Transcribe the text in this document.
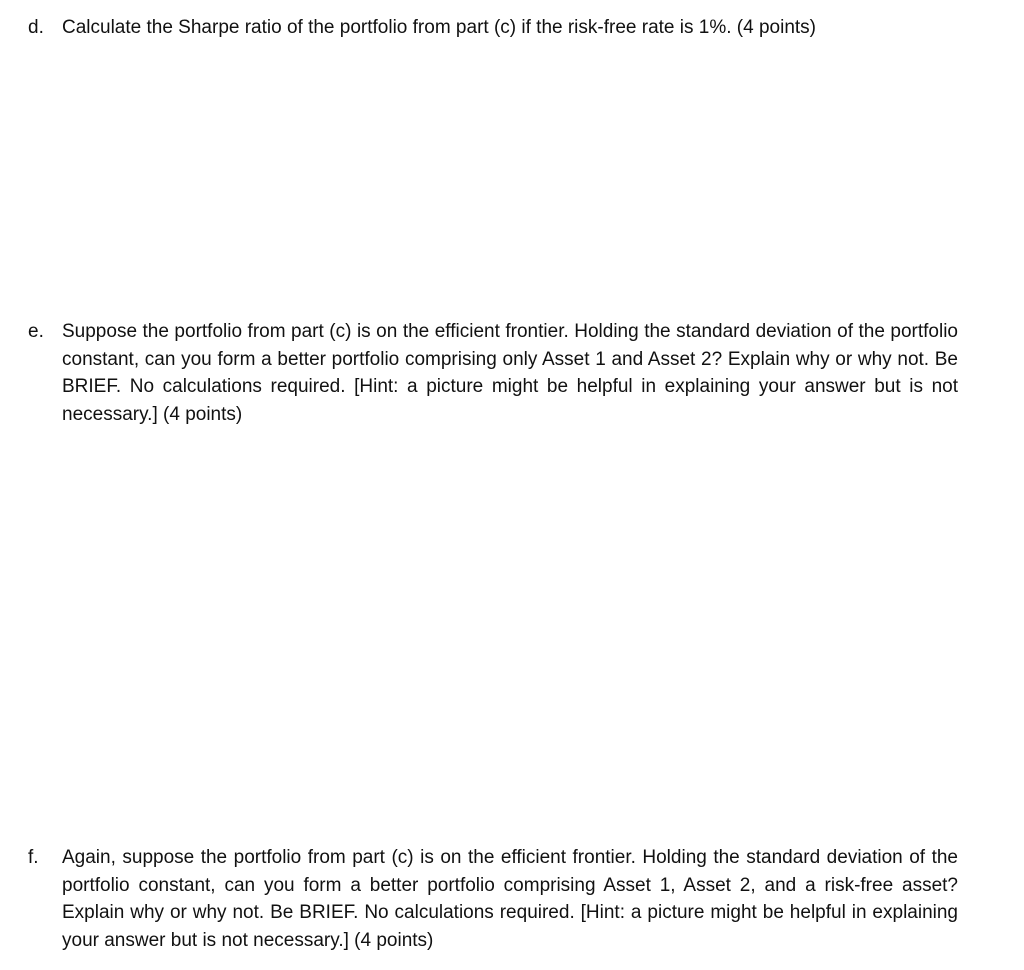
d. Calculate the Sharpe ratio of the portfolio from part (c) if the risk-free rate is 1%. (4 points)
e. Suppose the portfolio from part (c) is on the efficient frontier. Holding the standard deviation of the portfolio constant, can you form a better portfolio comprising only Asset 1 and Asset 2? Explain why or why not. Be BRIEF. No calculations required. [Hint: a picture might be helpful in explaining your answer but is not necessary.] (4 points)
f.	Again, suppose the portfolio from part (c) is on the efficient frontier. Holding the standard deviation of the portfolio constant, can you form a better portfolio comprising Asset 1, Asset 2, and a risk-free asset? Explain why or why not. Be BRIEF. No calculations required. [Hint: a picture might be helpful in explaining your answer but is not necessary.] (4 points)
